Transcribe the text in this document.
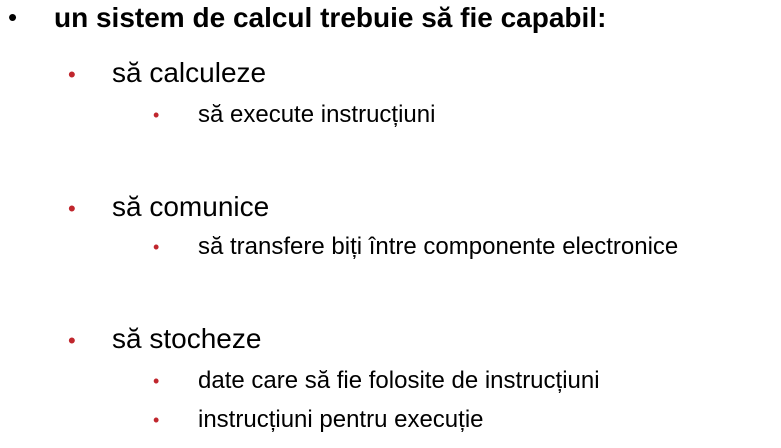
• un sistem de calcul trebuie să fie capabil:
• să calculeze
• să execute instrucțiuni
• să comunice
• să transfere biți între componente electronice
• să stocheze
• date care să fie folosite de instrucțiuni
• instrucțiuni pentru execuție
